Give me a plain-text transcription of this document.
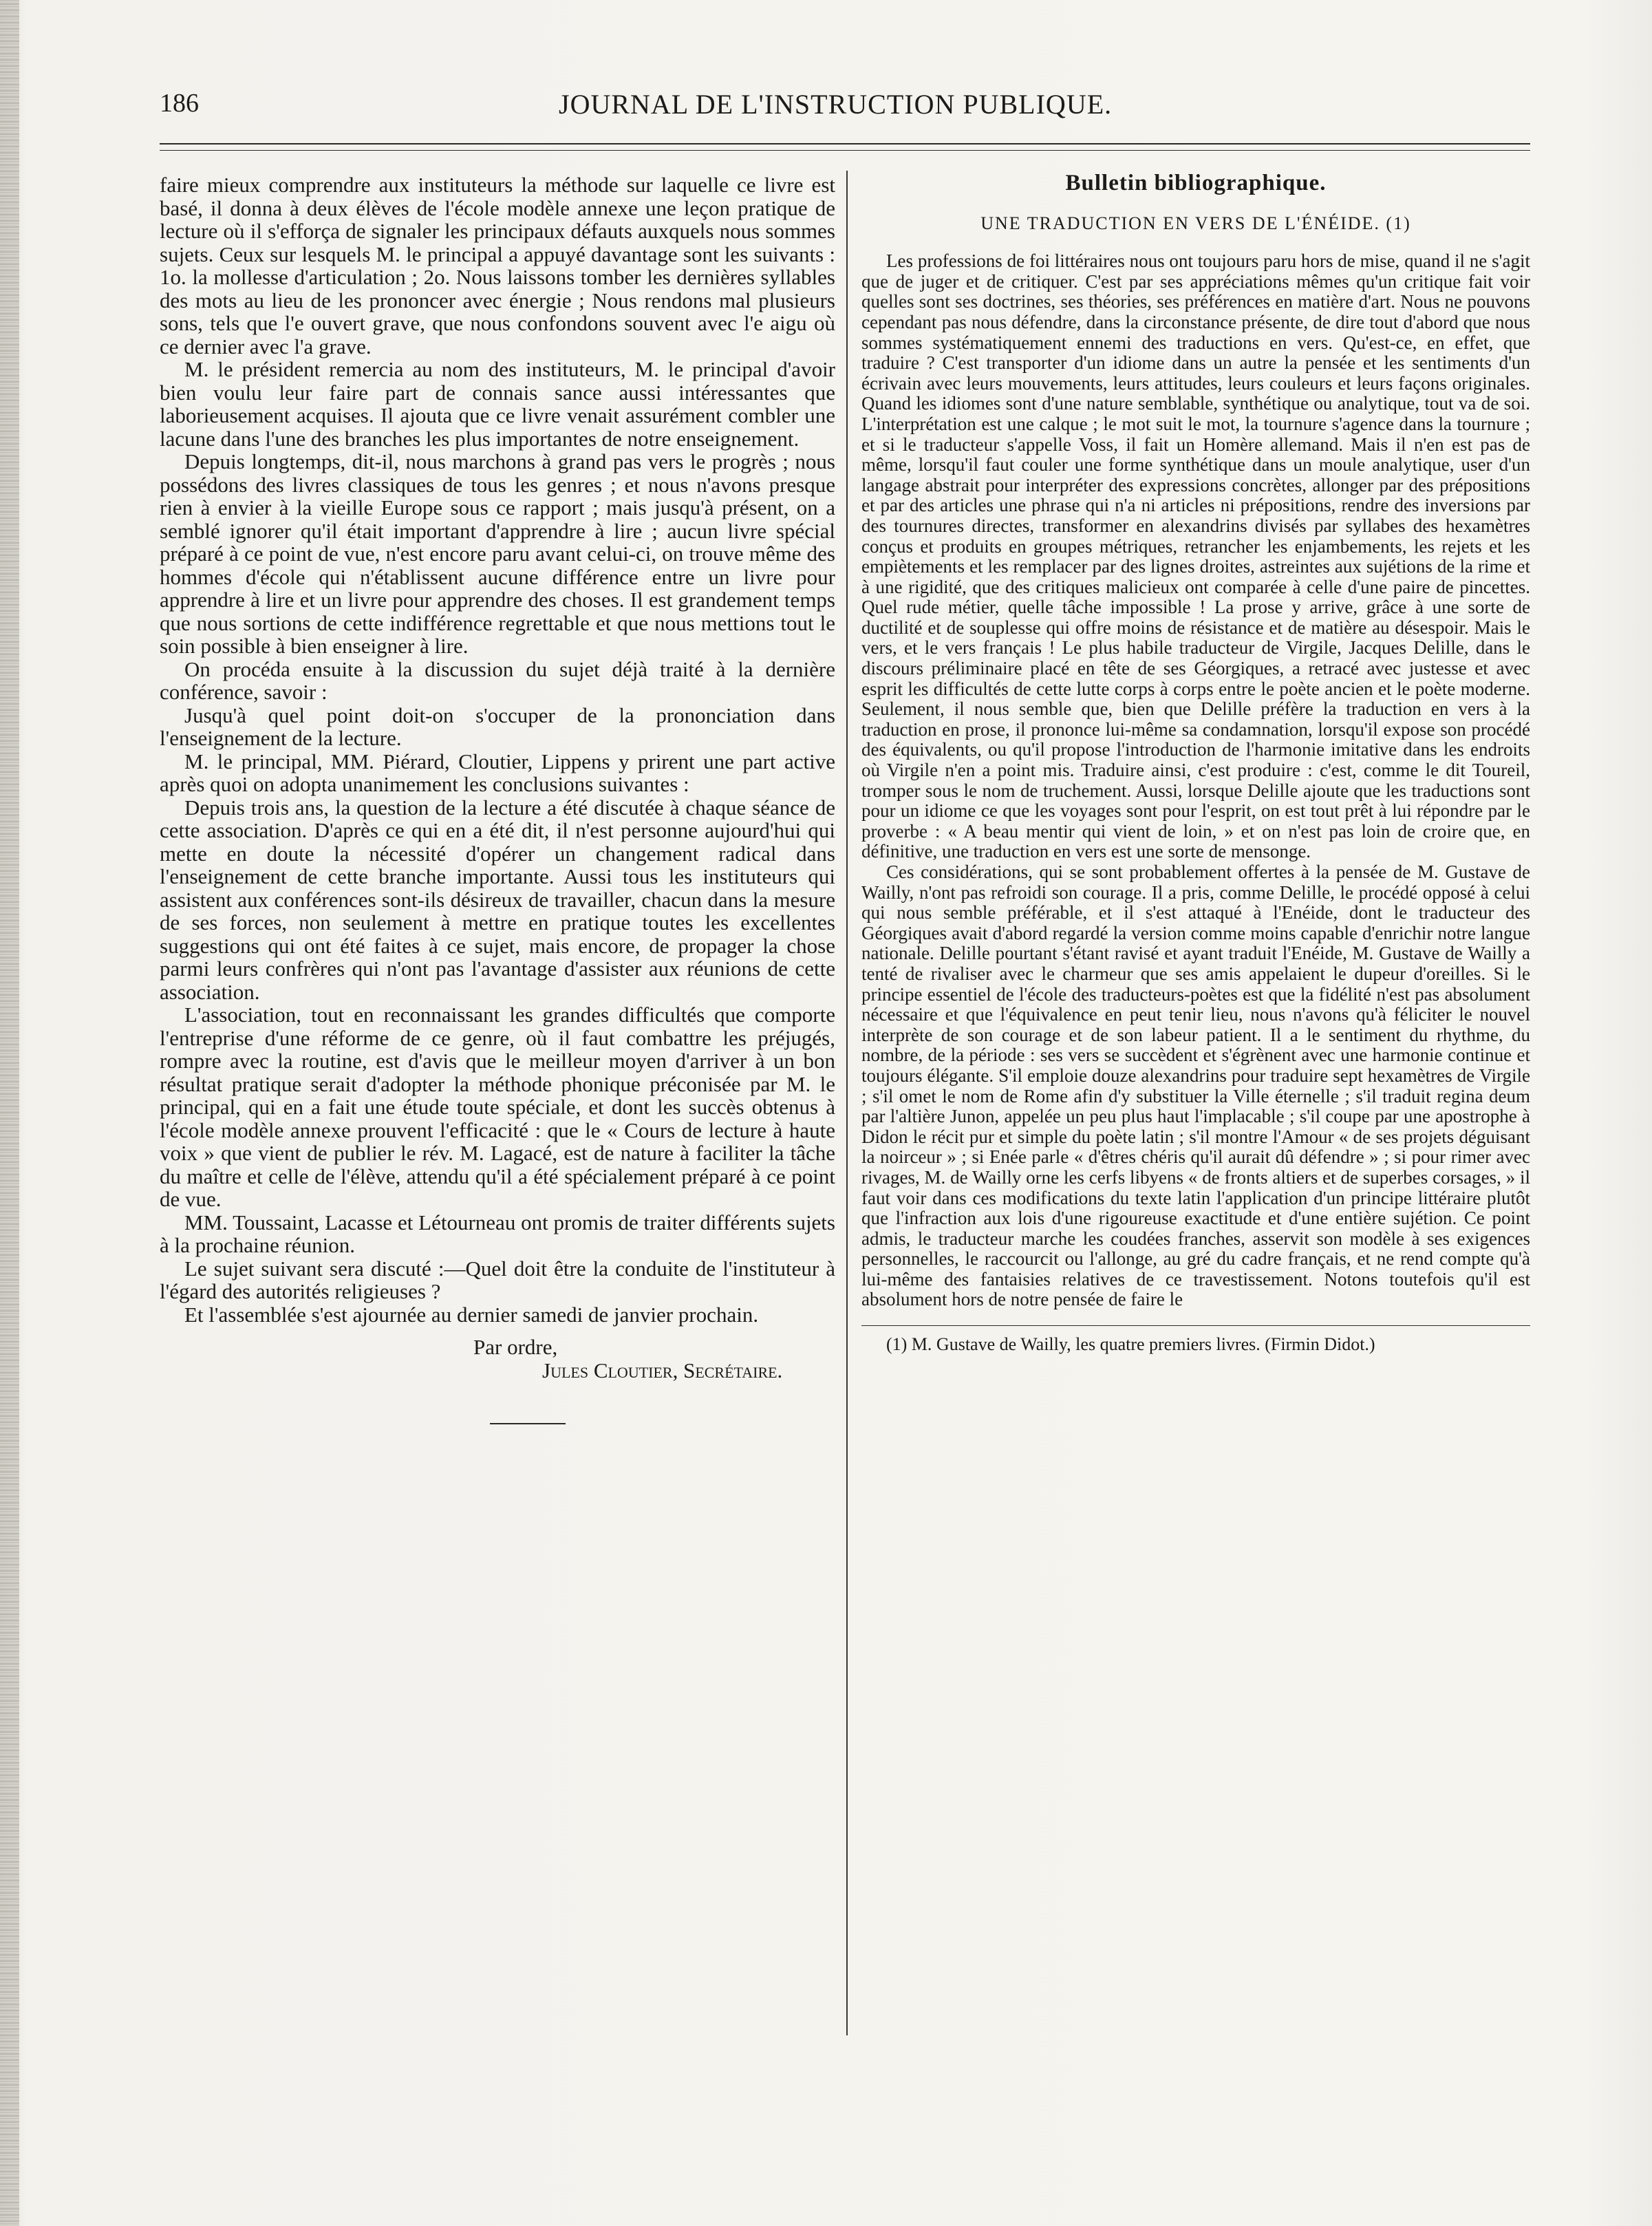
186	JOURNAL DE L'INSTRUCTION PUBLIQUE.

faire mieux comprendre aux instituteurs la méthode sur laquelle ce livre est basé, il donna à deux élèves de l'école modèle annexe une leçon pratique de lecture où il s'efforça de signaler les principaux défauts auxquels nous sommes sujets. Ceux sur lesquels M. le principal a appuyé davantage sont les suivants : 1o. la mollesse d'articulation ; 2o. Nous laissons tomber les dernières syllables des mots au lieu de les prononcer avec énergie ; Nous rendons mal plusieurs sons, tels que l'e ouvert grave, que nous confondons souvent avec l'e aigu où ce dernier avec l'a grave.

M. le président remercia au nom des instituteurs, M. le principal d'avoir bien voulu leur faire part de connais sance aussi intéressantes que laborieusement acquises. Il ajouta que ce livre venait assurément combler une lacune dans l'une des branches les plus importantes de notre enseignement.

Depuis longtemps, dit-il, nous marchons à grand pas vers le progrès ; nous possédons des livres classiques de tous les genres ; et nous n'avons presque rien à envier à la vieille Europe sous ce rapport ; mais jusqu'à présent, on a semblé ignorer qu'il était important d'apprendre à lire ; aucun livre spécial préparé à ce point de vue, n'est encore paru avant celui-ci, on trouve même des hommes d'école qui n'établissent aucune différence entre un livre pour apprendre à lire et un livre pour apprendre des choses. Il est grandement temps que nous sortions de cette indifférence regrettable et que nous mettions tout le soin possible à bien enseigner à lire.

On procéda ensuite à la discussion du sujet déjà traité à la dernière conférence, savoir :

Jusqu'à quel point doit-on s'occuper de la prononciation dans l'enseignement de la lecture.

M. le principal, MM. Piérard, Cloutier, Lippens y prirent une part active après quoi on adopta unanimement les conclusions suivantes :

Depuis trois ans, la question de la lecture a été discutée à chaque séance de cette association. D'après ce qui en a été dit, il n'est personne aujourd'hui qui mette en doute la nécessité d'opérer un changement radical dans l'enseignement de cette branche importante. Aussi tous les instituteurs qui assistent aux conférences sont-ils désireux de travailler, chacun dans la mesure de ses forces, non seulement à mettre en pratique toutes les excellentes suggestions qui ont été faites à ce sujet, mais encore, de propager la chose parmi leurs confrères qui n'ont pas l'avantage d'assister aux réunions de cette association.

L'association, tout en reconnaissant les grandes difficultés que comporte l'entreprise d'une réforme de ce genre, où il faut combattre les préjugés, rompre avec la routine, est d'avis que le meilleur moyen d'arriver à un bon résultat pratique serait d'adopter la méthode phonique préconisée par M. le principal, qui en a fait une étude toute spéciale, et dont les succès obtenus à l'école modèle annexe prouvent l'efficacité : que le « Cours de lecture à haute voix » que vient de publier le rév. M. Lagacé, est de nature à faciliter la tâche du maître et celle de l'élève, attendu qu'il a été spécialement préparé à ce point de vue.

MM. Toussaint, Lacasse et Létourneau ont promis de traiter différents sujets à la prochaine réunion.

Le sujet suivant sera discuté :—Quel doit être la conduite de l'instituteur à l'égard des autorités religieuses ?

Et l'assemblée s'est ajournée au dernier samedi de janvier prochain.

Par ordre,

Jules Cloutier, Secrétaire.

Bulletin bibliographique.
UNE TRADUCTION EN VERS DE L'ÉNÉIDE. (1)

Les professions de foi littéraires nous ont toujours paru hors de mise, quand il ne s'agit que de juger et de critiquer. C'est par ses appréciations mêmes qu'un critique fait voir quelles sont ses doctrines, ses théories, ses préférences en matière d'art. Nous ne pouvons cependant pas nous défendre, dans la circonstance présente, de dire tout d'abord que nous sommes systématiquement ennemi des traductions en vers. Qu'est-ce, en effet, que traduire ? C'est transporter d'un idiome dans un autre la pensée et les sentiments d'un écrivain avec leurs mouvements, leurs attitudes, leurs couleurs et leurs façons originales. Quand les idiomes sont d'une nature semblable, synthétique ou analytique, tout va de soi. L'interprétation est une calque ; le mot suit le mot, la tournure s'agence dans la tournure ; et si le traducteur s'appelle Voss, il fait un Homère allemand. Mais il n'en est pas de même, lorsqu'il faut couler une forme synthétique dans un moule analytique, user d'un langage abstrait pour interpréter des expressions concrètes, allonger par des prépositions et par des articles une phrase qui n'a ni articles ni prépositions, rendre des inversions par des tournures directes, transformer en alexandrins divisés par syllabes des hexamètres conçus et produits en groupes métriques, retrancher les enjambements, les rejets et les empiètements et les remplacer par des lignes droites, astreintes aux sujétions de la rime et à une rigidité, que des critiques malicieux ont comparée à celle d'une paire de pincettes. Quel rude métier, quelle tâche impossible ! La prose y arrive, grâce à une sorte de ductilité et de souplesse qui offre moins de résistance et de matière au désespoir. Mais le vers, et le vers français ! Le plus habile traducteur de Virgile, Jacques Delille, dans le discours préliminaire placé en tête de ses Géorgiques, a retracé avec justesse et avec esprit les difficultés de cette lutte corps à corps entre le poète ancien et le poète moderne. Seulement, il nous semble que, bien que Delille préfère la traduction en vers à la traduction en prose, il prononce lui-même sa condamnation, lorsqu'il expose son procédé des équivalents, ou qu'il propose l'introduction de l'harmonie imitative dans les endroits où Virgile n'en a point mis. Traduire ainsi, c'est produire : c'est, comme le dit Toureil, tromper sous le nom de truchement. Aussi, lorsque Delille ajoute que les traductions sont pour un idiome ce que les voyages sont pour l'esprit, on est tout prêt à lui répondre par le proverbe : « A beau mentir qui vient de loin, » et on n'est pas loin de croire que, en définitive, une traduction en vers est une sorte de mensonge.

Ces considérations, qui se sont probablement offertes à la pensée de M. Gustave de Wailly, n'ont pas refroidi son courage. Il a pris, comme Delille, le procédé opposé à celui qui nous semble préférable, et il s'est attaqué à l'Enéide, dont le traducteur des Géorgiques avait d'abord regardé la version comme moins capable d'enrichir notre langue nationale. Delille pourtant s'étant ravisé et ayant traduit l'Enéide, M. Gustave de Wailly a tenté de rivaliser avec le charmeur que ses amis appelaient le dupeur d'oreilles. Si le principe essentiel de l'école des traducteurs-poètes est que la fidélité n'est pas absolument nécessaire et que l'équivalence en peut tenir lieu, nous n'avons qu'à féliciter le nouvel interprète de son courage et de son labeur patient. Il a le sentiment du rhythme, du nombre, de la période : ses vers se succèdent et s'égrènent avec une harmonie continue et toujours élégante. S'il emploie douze alexandrins pour traduire sept hexamètres de Virgile ; s'il omet le nom de Rome afin d'y substituer la Ville éternelle ; s'il traduit regina deum par l'altière Junon, appelée un peu plus haut l'implacable ; s'il coupe par une apostrophe à Didon le récit pur et simple du poète latin ; s'il montre l'Amour « de ses projets déguisant la noirceur » ; si Enée parle « d'êtres chéris qu'il aurait dû défendre » ; si pour rimer avec rivages, M. de Wailly orne les cerfs libyens « de fronts altiers et de superbes corsages, » il faut voir dans ces modifications du texte latin l'application d'un principe littéraire plutôt que l'infraction aux lois d'une rigoureuse exactitude et d'une entière sujétion. Ce point admis, le traducteur marche les coudées franches, asservit son modèle à ses exigences personnelles, le raccourcit ou l'allonge, au gré du cadre français, et ne rend compte qu'à lui-même des fantaisies relatives de ce travestissement. Notons toutefois qu'il est absolument hors de notre pensée de faire le

(1) M. Gustave de Wailly, les quatre premiers livres. (Firmin Didot.)
